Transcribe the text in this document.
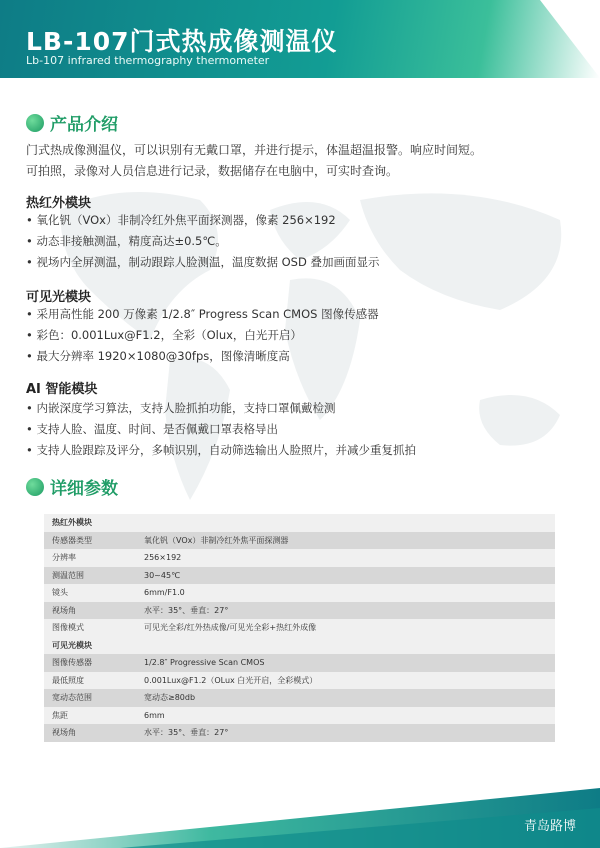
LB-107门式热成像测温仪
Lb-107 infrared thermography thermometer
产品介绍

门式热成像测温仪，可以识别有无戴口罩，并进行提示，体温超温报警。响应时间短。

可拍照，录像对人员信息进行记录，数据储存在电脑中，可实时查询。

热红外模块
• 氧化钒（VOx）非制冷红外焦平面探测器，像素 256×192
• 动态非接触测温，精度高达±0.5℃。
• 视场内全屏测温，制动跟踪人脸测温，温度数据 OSD 叠加画面显示
可见光模块
• 采用高性能 200 万像素 1/2.8″ Progress Scan CMOS 图像传感器
• 彩色：0.001Lux@F1.2，全彩（Olux，白光开启）
• 最大分辨率 1920×1080@30fps，图像清晰度高
AI 智能模块
• 内嵌深度学习算法，支持人脸抓拍功能，支持口罩佩戴检测
• 支持人脸、温度、时间、是否佩戴口罩表格导出
• 支持人脸跟踪及评分，多帧识别，自动筛选输出人脸照片，并减少重复抓拍
详细参数
热红外模块	
传感器类型	氧化钒（VOx）非制冷红外焦平面探测器
分辨率	256×192
测温范围	30~45℃
镜头	6mm/F1.0
视场角	水平：35°、垂直：27°
图像模式	可见光全彩/红外热成像/可见光全彩+热红外成像
可见光模块	
图像传感器	1/2.8″ Progressive Scan CMOS
最低照度	0.001Lux@F1.2（OLux 白光开启，全彩模式）
宽动态范围	宽动态≥80db
焦距	6mm
视场角	水平：35°、垂直：27°
青岛路博
